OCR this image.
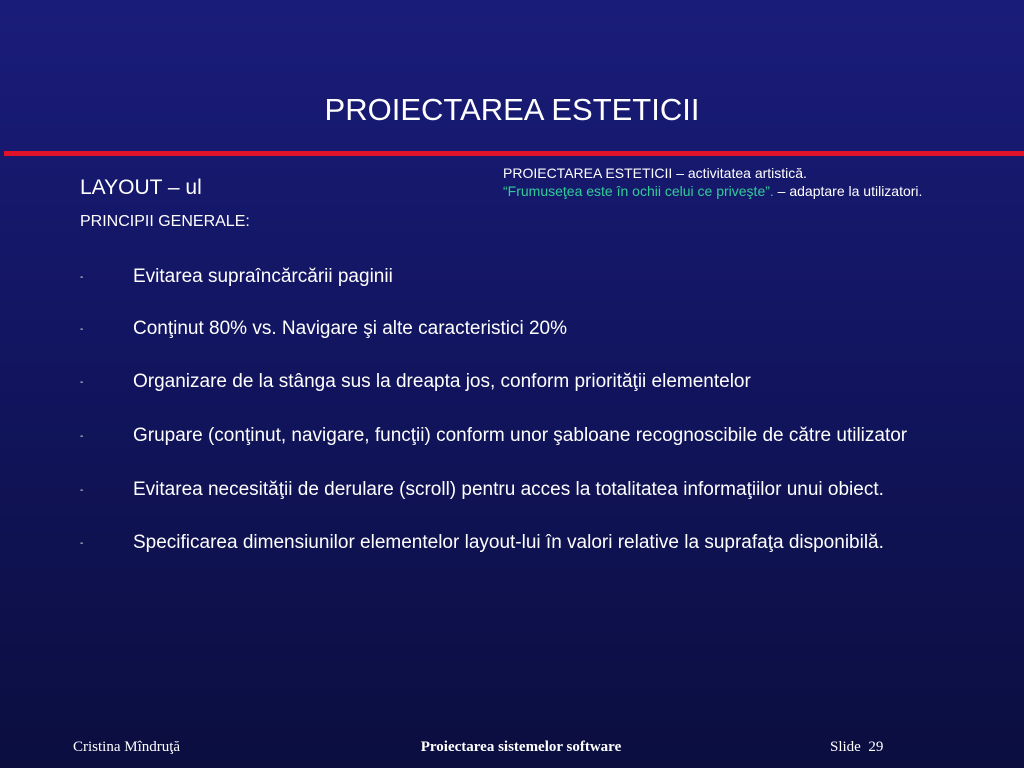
PROIECTAREA ESTETICII
PROIECTAREA ESTETICII – activitatea artistică.
“Frumuseţea este în ochii celui ce priveşte”. – adaptare la utilizatori.
LAYOUT – ul
PRINCIPII GENERALE:
-	Evitarea supraîncărcării paginii
-	Conţinut 80% vs. Navigare şi alte caracteristici 20%
-	Organizare de la stânga sus la dreapta jos, conform priorităţii elementelor
-	Grupare (conţinut, navigare, funcţii) conform unor şabloane recognoscibile de către utilizator
-	Evitarea necesităţii de derulare (scroll) pentru acces la totalitatea informaţiilor unui obiect.
-	Specificarea dimensiunilor elementelor layout-lui în valori relative la suprafaţa disponibilă.
Cristina Mîndruţă	Proiectarea sistemelor software	Slide 29
